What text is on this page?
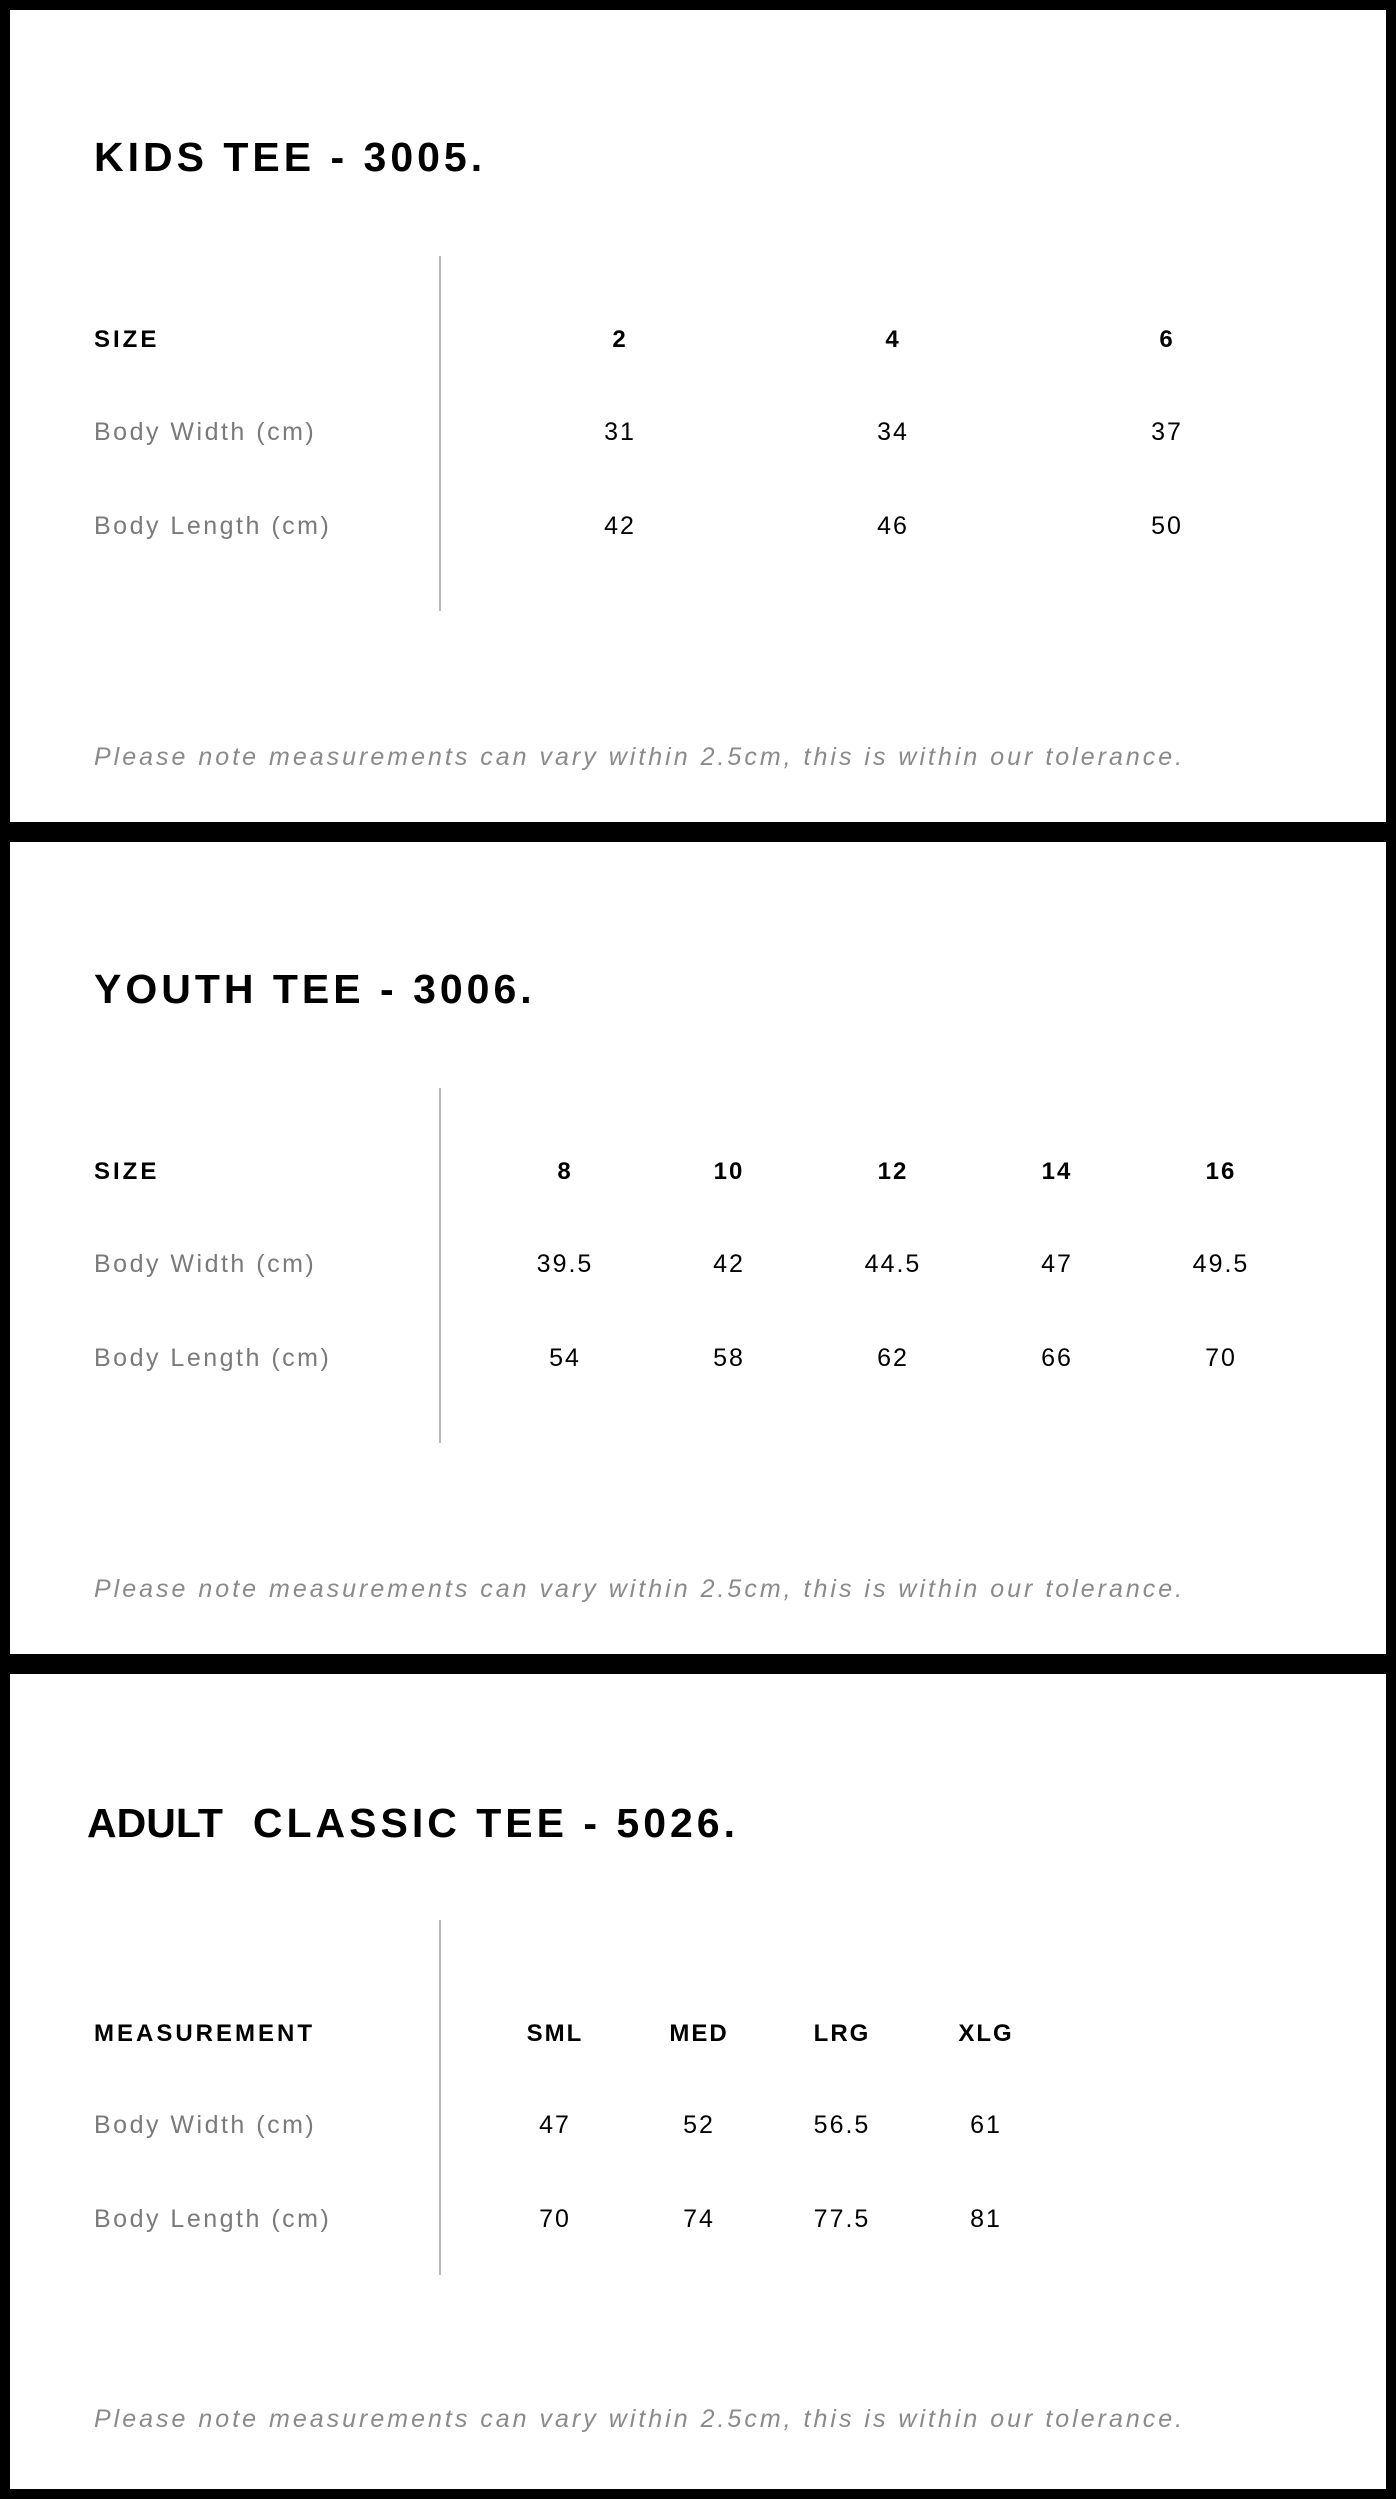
KIDS TEE - 3005.
SIZE	2	4	6
Body Width (cm)	31	34	37
Body Length (cm)	42	46	50

Please note measurements can vary within 2.5cm, this is within our tolerance.

YOUTH TEE - 3006.
SIZE	8	10	12	14	16
Body Width (cm)	39.5	42	44.5	47	49.5
Body Length (cm)	54	58	62	66	70

Please note measurements can vary within 2.5cm, this is within our tolerance.

ADULT CLASSIC TEE - 5026.
MEASUREMENT	SML	MED	LRG	XLG
Body Width (cm)	47	52	56.5	61
Body Length (cm)	70	74	77.5	81

Please note measurements can vary within 2.5cm, this is within our tolerance.
